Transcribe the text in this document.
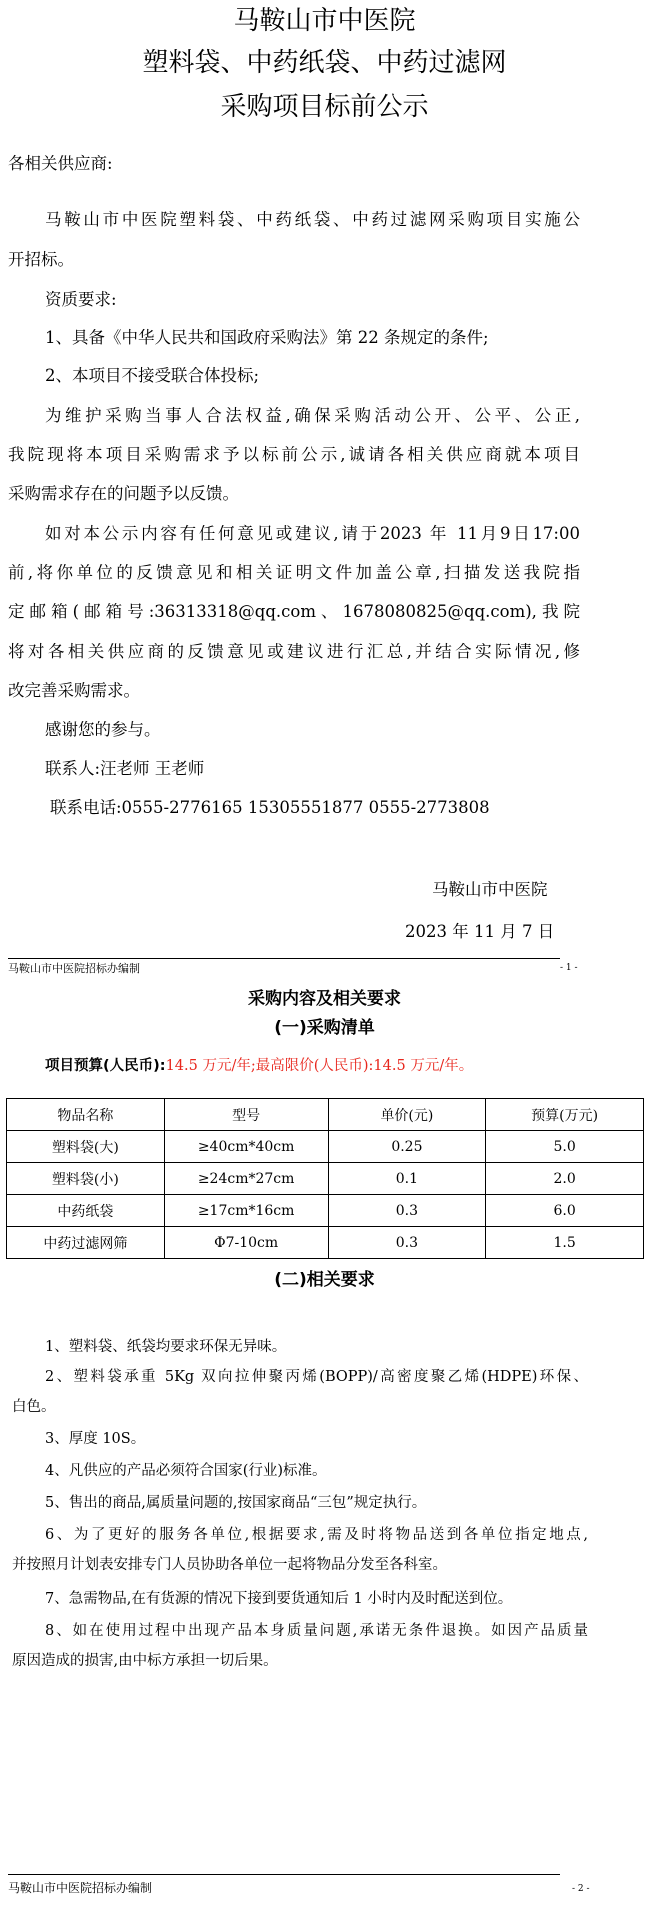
马鞍山市中医院
塑料袋、中药纸袋、中药过滤网
采购项目标前公示
各相关供应商:
马鞍山市中医院塑料袋、中药纸袋、中药过滤网采购项目实施公
开招标。
资质要求:
1、具备《中华人民共和国政府采购法》第 22 条规定的条件;
2、本项目不接受联合体投标;
为维护采购当事人合法权益,确保采购活动公开、公平、公正,
我院现将本项目采购需求予以标前公示,诚请各相关供应商就本项目
采购需求存在的问题予以反馈。
如对本公示内容有任何意见或建议,请于2023 年 11月9日17:00
前,将你单位的反馈意见和相关证明文件加盖公章,扫描发送我院指
定邮箱(邮箱号:36313318@qq.com、1678080825@qq.com),我院
将对各相关供应商的反馈意见或建议进行汇总,并结合实际情况,修
改完善采购需求。
感谢您的参与。
联系人:汪老师 王老师
联系电话:0555-2776165 15305551877 0555-2773808
马鞍山市中医院
2023 年 11 月 7 日
马鞍山市中医院招标办编制	- 1 -
采购内容及相关要求
(一)采购清单
项目预算(人民币):14.5 万元/年;最高限价(人民币):14.5 万元/年。
物品名称	型号	单价(元)	预算(万元)
塑料袋(大)	≥40cm*40cm	0.25	5.0
塑料袋(小)	≥24cm*27cm	0.1	2.0
中药纸袋	≥17cm*16cm	0.3	6.0
中药过滤网筛	Φ7-10cm	0.3	1.5
(二)相关要求
1、塑料袋、纸袋均要求环保无异味。
2、塑料袋承重 5Kg 双向拉伸聚丙烯(BOPP)/高密度聚乙烯(HDPE)环保、
白色。
3、厚度 10S。
4、凡供应的产品必须符合国家(行业)标准。
5、售出的商品,属质量问题的,按国家商品“三包”规定执行。
6、为了更好的服务各单位,根据要求,需及时将物品送到各单位指定地点,
并按照月计划表安排专门人员协助各单位一起将物品分发至各科室。
7、急需物品,在有货源的情况下接到要货通知后 1 小时内及时配送到位。
8、如在使用过程中出现产品本身质量问题,承诺无条件退换。如因产品质量
原因造成的损害,由中标方承担一切后果。
马鞍山市中医院招标办编制	- 2 -
